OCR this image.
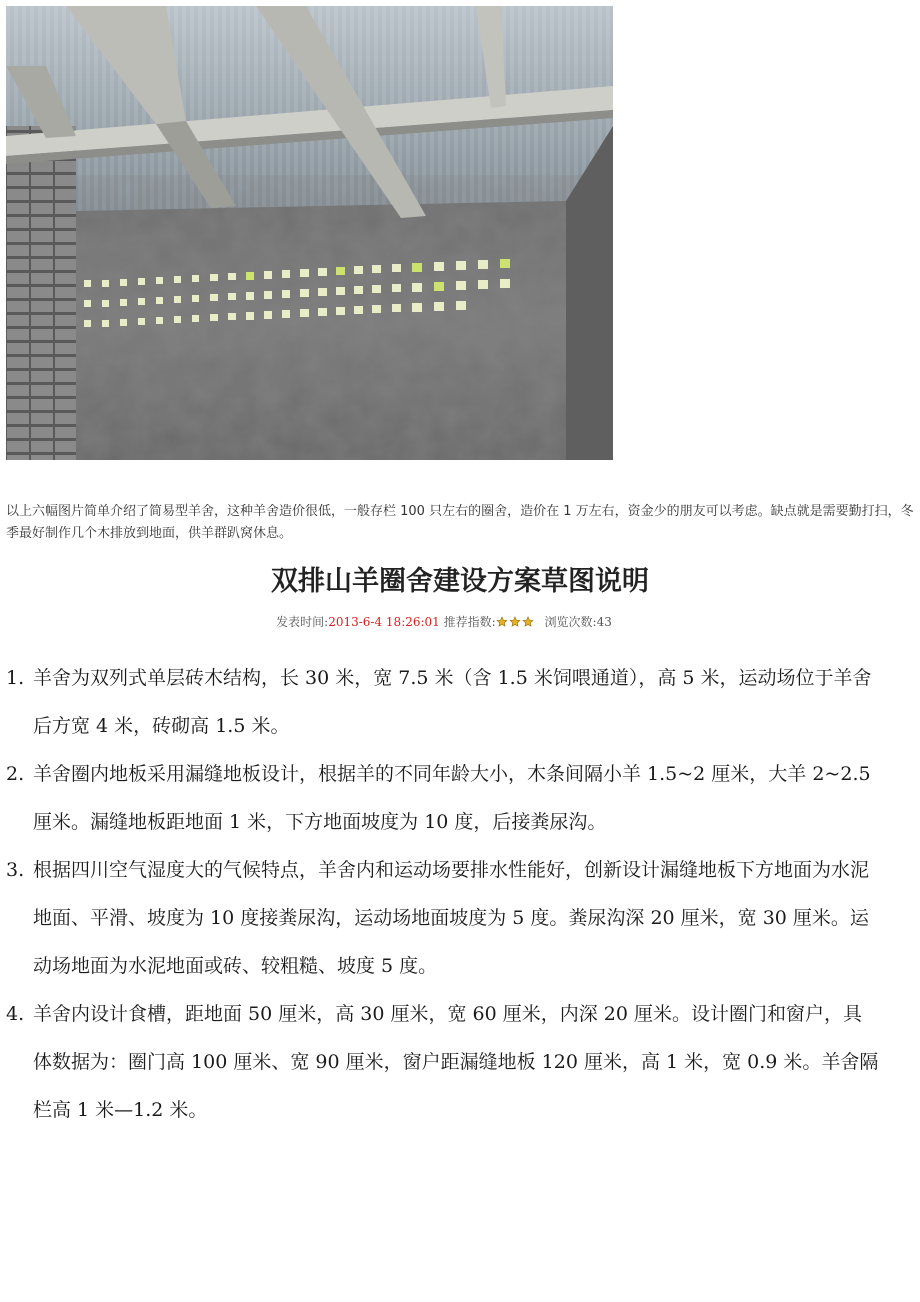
以上六幅图片简单介绍了简易型羊舍，这种羊舍造价很低，一般存栏 100 只左右的圈舍，造价在 1 万左右，资金少的朋友可以考虑。缺点就是需要勤打扫，冬季最好制作几个木排放到地面，供羊群趴窝休息。

双排山羊圈舍建设方案草图说明
发表时间:2013-6-4 18:26:01 推荐指数:	浏览次数:43
1. 羊舍为双列式单层砖木结构，长 30 米，宽 7.5 米（含 1.5 米饲喂通道），高 5 米，运动场位于羊舍后方宽 4 米，砖砌高 1.5 米。
2. 羊舍圈内地板采用漏缝地板设计，根据羊的不同年龄大小，木条间隔小羊 1.5~2 厘米，大羊 2~2.5 厘米。漏缝地板距地面 1 米，下方地面坡度为 10 度，后接粪尿沟。
3. 根据四川空气湿度大的气候特点，羊舍内和运动场要排水性能好，创新设计漏缝地板下方地面为水泥地面、平滑、坡度为 10 度接粪尿沟，运动场地面坡度为 5 度。粪尿沟深 20 厘米，宽 30 厘米。运动场地面为水泥地面或砖、较粗糙、坡度 5 度。
4. 羊舍内设计食槽，距地面 50 厘米，高 30 厘米，宽 60 厘米，内深 20 厘米。设计圈门和窗户，具体数据为：圈门高 100 厘米、宽 90 厘米，窗户距漏缝地板 120 厘米，高 1 米，宽 0.9 米。羊舍隔栏高 1 米—1.2 米。
